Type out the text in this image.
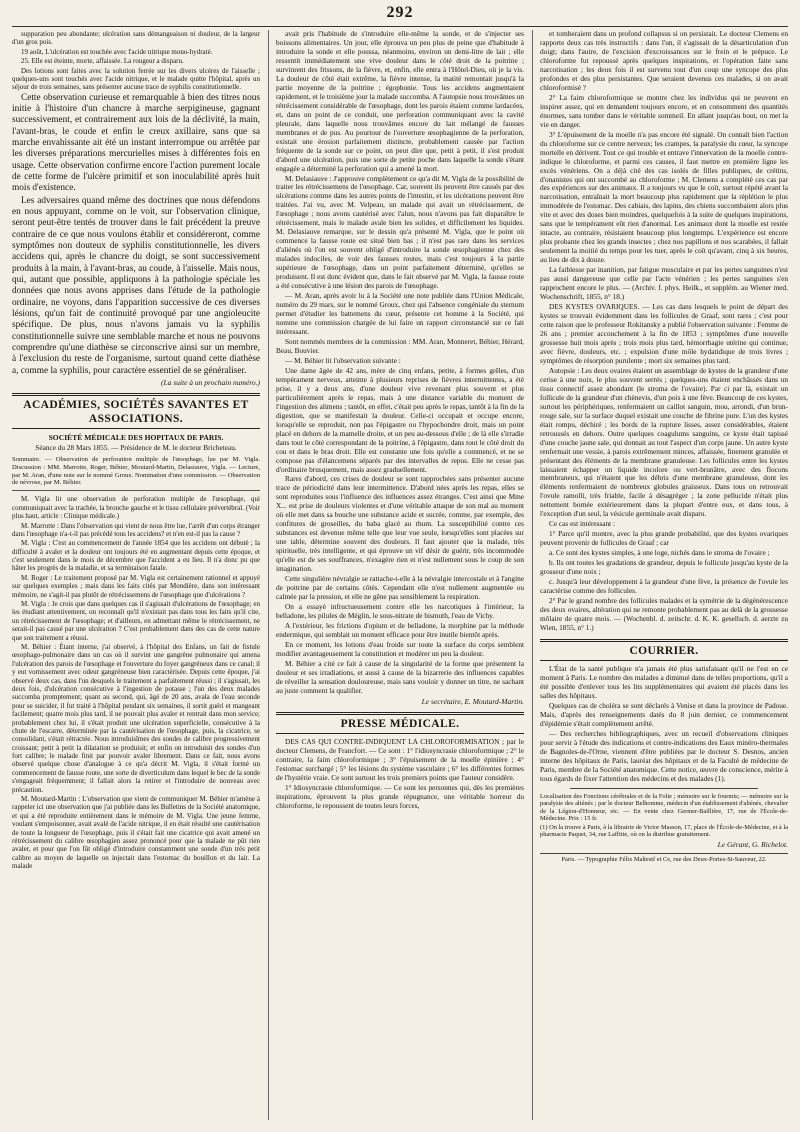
292

suppuration peu abondante; ulcération sans démangeaison ni douleur, de la largeur d'un gros pois.

19 août, L'ulcération est touchée avec l'acide nitrique mono-hydraté.

25. Elle est éteinte, morte, affaissée. La rougeur a disparu.

Des lotions sont faites avec la solution ferrée sur les divers ulcères de l'aisselle ; quelques-uns sont touchés avec l'acide nitrique, et le malade quitte l'hôpital, après un séjour de trois semaines, sans présenter aucune trace de syphilis constitutionnelle.

Cette observation curieuse et remarquable à bien des titres nous initie à l'histoire d'un chancre à marche serpigineuse, gagnant successivement, et contrairement aux lois de la déclivité, la main, l'avant-bras, le coude et enfin le creux axillaire, sans que sa marche envahissante ait été un instant interrompue ou arrêtée par les diverses préparations mercurielles mises à différentes fois en usage. Cette observation confirme encore l'action purement locale de cette forme de l'ulcère primitif et son inoculabilité après huit mois d'existence.

Les adversaires quand même des doctrines que nous défendons en nous appuyant, comme on le voit, sur l'observation clinique, seront peut-être tentés de trouver dans le fait précédent la preuve contraire de ce que nous voulons établir et considéreront, comme symptômes non douteux de syphilis constitutionnelle, les divers accidens qui, après le chancre du doigt, se sont successivement produits à la main, à l'avant-bras, au coude, à l'aisselle. Mais nous, qui, autant que possible, appliquons à la pathologie spéciale les données que nous avons apprises dans l'étude de la pathologie ordinaire, ne voyons, dans l'apparition successive de ces diverses lésions, qu'un fait de continuité provoqué par une angioleucite spécifique. De plus, nous n'avons jamais vu la syphilis constitutionnelle suivre une semblable marche et nous ne pouvons comprendre qu'une diathèse se circonscrive ainsi sur un membre, à l'exclusion du reste de l'organisme, surtout quand cette diathèse a, comme la syphilis, pour caractère essentiel de se généraliser.

(La suite à un prochain numéro.)
ACADÉMIES, SOCIÉTÉS SAVANTES ET ASSOCIATIONS.
SOCIÉTÉ MÉDICALE DES HOPITAUX DE PARIS.
Séance du 28 Mars 1855. — Présidence de M. le docteur Bricheteau.

Sommaire. — Observation de perforation multiple de l'œsophage, lue par M. Vigla. Discussion : MM. Marrotte, Roger, Béhier, Moutard-Martin, Delasiauve, Vigla. — Lecture, par M. Aran, d'une note sur le nommé Groux. Nomination d'une commission. — Observation de névrose, par M. Béhier.

M. Vigla lit une observation de perforation multiple de l'œsophage, qui communiquait avec la trachée, la bronche gauche et le tissu cellulaire prévertébral. (Voir plus haut, article : Clinique médicale.)

M. Marrotte : Dans l'observation qui vient de nous être lue, l'arrêt d'un corps étranger dans l'œsophage n'a-t-il pas précédé tous les accidens? et n'en est-il pas la cause ?

M. Vigla : C'est au commencement de l'année 1854 que les accidens ont débuté ; la difficulté à avaler et la douleur ont toujours été en augmentant depuis cette époque, et c'est seulement dans le mois de décembre que l'accident a eu lieu. Il n'a donc pu que hâter les progrès de la maladie, et sa terminaison fatale.

M. Roger : Le traitement proposé par M. Vigla est certainement rationnel et appuyé sur quelques exemples ; mais dans les faits cités par Mondière, dans son intéressant mémoire, ne s'agit-il pas plutôt de rétrécissemens de l'œsophage que d'ulcérations ?

M. Vigla : Je crois que dans quelques cas il s'agissait d'ulcérations de l'œsophage; en les étudiant attentivement, on reconnaît qu'il n'existait pas dans tous les faits qu'il cite, un rétrécissement de l'œsophage; et d'ailleurs, en admettant même le rétrécissement, ne serait-il pas causé par une ulcération ? C'est probablement dans des cas de cette nature que son traitement a réussi.

M. Béhier : Étant interne, j'ai observé, à l'hôpital des Enfans, un fait de fistule œsophago-pulmonaire dans un cas où il survint une gangrène pulmonaire qui amena l'ulcération des parois de l'œsophage et l'ouverture du foyer gangréneux dans ce canal; il y eut vomissement avec odeur gangréneuse bien caractérisée. Depuis cette époque, j'ai observé deux cas, dans l'un desquels le traitement a parfaitement réussi ; il s'agissait, les deux fois, d'ulcération consécutive à l'ingestion de potasse ; l'un des deux malades succomba promptement; quant au second, qui, âgé de 20 ans, avala de l'eau seconde pour se suicider, il fut traité à l'hôpital pendant six semaines, il sortit guéri et mangeant facilement; quatre mois plus tard, il ne pouvait plus avaler et rentrait dans mon service; probablement chez lui, il s'était produit une ulcération superficielle, consécutive à la chute de l'escarre, déterminée par la cautérisation de l'œsophage, puis, la cicatrice, se consolidant, s'était rétractée. Nous introduisîmes des sondes de calibre progressivement croissant; petit à petit la dilatation se produisit; et enfin on introduisit des sondes d'un fort calibre; le malade finit par pouvoir avaler librement. Dans ce fait, nous avons observé quelque chose d'analogue à ce qu'a décrit M. Vigla, il s'était formé un commencement de fausse route, une sorte de diverticulum dans lequel le bec de la sonde s'engageait fréquemment; il fallait alors la retirer et l'introduire de nouveau avec précaution.

M. Moutard-Martin : L'observation que vient de communiquer M. Béhier m'amène à rappeler ici une observation que j'ai publiée dans les Bulletins de la Société anatomique, et qui a été reproduite entièrement dans le mémoire de M. Vigla. Une jeune femme, voulant s'empoisonner, avait avalé de l'acide nitrique, il en était résulté une cautérisation de toute la longueur de l'œsophage, puis il s'était fait une cicatrice qui avait amené un rétrécissement du calibre œsophagien assez prononcé pour que la malade ne pût rien avaler, et pour que l'on fût obligé d'introduire constamment une sonde d'un très petit calibre au moyen de laquelle on injectait dans l'estomac du bouillon et du lait. La malade

avait pris l'habitude de s'introduire elle-même la sonde, et de s'injecter ses boissons alimentaires. Un jour, elle éprouva un peu plus de peine que d'habitude à introduire la sonde et elle poussa, néanmoins, environ un demi-litre de lait ; elle ressentit immédiatement une vive douleur dans le côté droit de la poitrine ; survinrent des frissons, de la fièvre, et, enfin, elle entra à l'Hôtel-Dieu, où je la vis. La douleur de côté était extrême, la fièvre intense, la matité remontait jusqu'à la partie moyenne de la poitrine ; égophonie. Tous les accidens augmentaient rapidement, et le troisième jour la malade succomba. A l'autopsie nous trouvâmes un rétrécissement considérable de l'œsophage, dont les parois étaient comme lardacées, et, dans un point de ce conduit, une perforation communiquant avec la cavité pleurale, dans laquelle nous trouvâmes encore du lait mélangé de fausses membranes et de pus. Au pourtour de l'ouverture œsophagienne de la perforation, existait une érosion parfaitement distincte, probablement causée par l'action fréquente de la sonde sur ce point, on peut dire que, petit à petit, il s'est produit d'abord une ulcération, puis une sorte de petite poche dans laquelle la sonde s'étant engagée a déterminé la perforation qui a amené la mort.

M. Delasiauve : J'approuve complètement ce qu'a dit M. Vigla de la possibilité de traiter les rétrécissemens de l'œsophage. Car, souvent ils peuvent être causés par des ulcérations comme dans les autres points de l'intestin, et les ulcérations peuvent être traitées. J'ai vu, avec M. Velpeau, un malade qui avait un rétrécissement, de l'œsophage ; nous avons cautérisé avec l'alun, nous n'avons pas fait disparaître le rétrécissement, mais le malade avale bien les solides, et difficilement les liquides. M. Delasiauve remarque, sur le dessin qu'a présenté M. Vigla, que le point où commence la fausse route est situé bien bas ; il n'est pas rare dans les services d'aliénés où l'on est souvent obligé d'introduire la sonde œsophagienne chez des malades indociles, de voir des fausses routes, mais c'est toujours à la partie supérieure de l'œsophage, dans un point parfaitement déterminé, qu'elles se produisent. Il est donc évident que, dans le fait observé par M. Vigla, la fausse route a été consécutive à une lésion des parois de l'œsophage.

— M. Aran, après avoir lu à la Société une note publiée dans l'Union Médicale, numéro du 29 mars, sur le nommé Groux, chez qui l'absence congéniale du sternum permet d'étudier les battemens du cœur, présente cet homme à la Société, qui nomme une commission chargée de lui faire un rapport circonstancié sur ce fait intéressant.

Sont nommés membres de la commission : MM. Aran, Monneret, Béhier, Hérard, Beau, Bouvier.

— M. Béhier lit l'observation suivante :

Une dame âgée de 42 ans, mère de cinq enfans, petite, à formes grêles, d'un tempérament nerveux, atteinte à plusieurs reprises de fièvres intermittentes, a été prise, il y a deux ans, d'une douleur vive revenant plus souvent et plus particulièrement après le repas, mais à une distance variable du moment de l'ingestion des alimens ; tantôt, en effet, c'était peu après le repas, tantôt à la fin de la digestion, que se manifestait la douleur. Celle-ci occupait et occupe encore, lorsqu'elle se reproduit, non pas l'épigastre ou l'hypochondre droit, mais un point placé en dehors de la mamelle droite, et un peu au-dessous d'elle ; de là elle s'irradie dans tout le côté correspondant de la poitrine, à l'épigastre, dans tout le côté droit du cou et dans le bras droit. Elle est constante une fois qu'elle a commencé, et ne se compose pas d'élancemens séparés par des intervalles de repos. Elle ne cesse pas d'ordinaire brusquement, mais assez graduellement.

Rares d'abord, ces crises de douleur se sont rapprochées sans présenter aucune trace de périodicité dans leur intermittence. D'abord nées après les repas, elles se sont reproduites sous l'influence des influences assez étranges. C'est ainsi que Mme X... est prise de douleurs violentes et d'une véritable attaque de son mal au moment où elle met dans sa bouche une substance acide et sucrée, comme, par exemple, des confitures de groseilles, du baba glacé au rhum. La susceptibilité contre ces substances est devenue même telle que leur vue seule, lorsqu'elles sont placées sur une table, détermine souvent des douleurs. Il faut ajouter que la malade, très spirituelle, très intelligente, et qui éprouve un vif désir de guérir, très incommodée qu'elle est de ses souffrances, n'exagère rien et n'est nullement sous le coup de son imagination.

Cette singulière névralgie se rattache-t-elle à la névralgie intercostale et à l'angine de poitrine par de certains côtés. Cependant elle n'est nullement augmentée ou calmée par la pression, et elle ne gêne pas sensiblement la respiration.

On a essayé infructueusement contre elle les narcotiques à l'intérieur, la belladone, les pilules de Méglin, le sous-nitrate de bismuth, l'eau de Vichy.

A l'extérieur, les frictions d'opium et de belladone, la morphine par la méthode endermique, qui semblait un moment efficace pour être inutile bientôt après.

En ce moment, les lotions d'eau froide sur toute la surface du corps semblent modifier avantageusement la constitution et modérer un peu la douleur.

M. Béhier a cité ce fait à cause de la singularité de la forme que présentent la douleur et ses irradiations, et aussi à cause de la bizarrerie des influences capables de réveiller la sensation douloureuse, mais sans vouloir y donner un titre, ne sachant au juste comment la qualifier.

Le secrétaire, E. Moutard-Martin.
PRESSE MÉDICALE.

DES CAS QUI CONTRE-INDIQUENT LA CHLOROFORMISATION ; par le docteur Clemens, de Francfort. — Ce sont : 1° l'idiosyncrasie chloroformique ; 2° le contraire, la faim chloroformique ; 3° l'épuisement de la moelle épinière ; 4° l'estomac surchargé ; 5° les lésions du système vasculaire ; 6° les différentes formes de l'hystérie vraie. Ce sont surtout les trois premiers points que l'auteur considère.

1° Idiosyncrasie chloroformique. — Ce sont les personnes qui, dès les premières inspirations, éprouvent la plus grande répugnance, une véritable horreur du chloroforme, le repoussent de toutes leurs forces,

et tomberaient dans un profond collapsus si on persistait. Le docteur Clemens en rapporte deux cas très instructifs : dans l'un, il s'agissait de la désarticulation d'un doigt; dans l'autre, de l'excision d'excroissances sur le frein et le prépuce. Le chloroforme fut repoussé après quelques inspirations, et l'opération faite sans narcotisation ; les deux fois il est survenu tout d'un coup une syncope des plus profondes et des plus persistantes. Que seraient devenus ces malades, si on avait chloroformisé ?

2° La faim chloroformique se montre chez les individus qui ne peuvent en inspirer assez, qui en demandent toujours encore, et en consomment des quantités énormes, sans tomber dans le véritable sommeil. En allant jusqu'au bout, on met la vie en danger.

3° L'épuisement de la moelle n'a pas encore été signalé. On connaît bien l'action du chloroforme sur ce centre nerveux; les crampes, la paralysie du cœur, la syncope mortelle en dérivent. Tout ce qui trouble et entrave l'innervation de la moelle contre-indique le chloroforme, et parmi ces causes, il faut mettre en première ligne les excès vénériens. On a déjà cité des cas isolés de filles publiques, de crétins, d'onanistes qui ont succombé au chloroforme ; M. Clemens a complété ces cas par des expériences sur des animaux. Il a toujours vu que le coït, surtout répété avant la narcotisation, entraînait la mort beaucoup plus rapidement que la réplétion le plus immodérée de l'estomac. Des cabiais, des lapins, des chiens succombaient alors plus vite et avec des doses bien moindres, quelquefois à la suite de quelques inspirations, sans que le tempérament eût rien d'anormal. Les animaux dont la moelle est restée intacte, au contraire, résistaient beaucoup plus longtemps. L'expérience est encore plus probante chez les grands insectes ; chez nos papillons et nos scarabées, il fallait seulement la moitié du temps pour les tuer, après le coït qu'avant, cinq à six heures, au lieu de dix à douze.

La faiblesse par inanition, par fatigue musculaire et par les pertes sanguines n'est pas aussi dangereuse que celle par l'acte vénérien ; les pertes sanguines s'en rapprochent encore le plus. — (Archiv. f. phys. Heilk., et supplém. au Wiener med. Wochenschrift, 1855, n° 18.)

DES KYSTES OVARIQUES. — Les cas dans lesquels le point de départ des kystes se trouvait évidemment dans les follicules de Graaf, sont rares ; c'est pour cette raison que le professeur Rokitansky a publié l'observation suivante : Femme de 26 ans ; premier accouchement à la fin de 1853 ; symptômes d'une nouvelle grossesse huit mois après ; trois mois plus tard, hémorrhagie utérine qui continue, avec fièvre, douleurs, etc. ; expulsion d'une môle hydatidique de trois livres ; symptômes de résorption purulente ; mort six semaines plus tard.

Autopsie : Les deux ovaires étaient un assemblage de kystes de la grandeur d'une cerise à une noix, le plus souvent serrés ; quelques-uns étaient enchâssés dans un tissu connectif assez abondant (le stroma de l'ovaire). Par ci par là, existait un follicule de la grandeur d'un chènevis, d'un pois à une fève. Beaucoup de ces kystes, surtout les périphériques, renfermaient un caillot sanguin, mou, arrondi, d'un brun-rouge sale, sur la surface duquel existait une couche de fibrine pure. L'un des kystes était rompu, déchiré ; les bords de la rupture lisses, assez considérables, étaient retroussés en dehors. Outre quelques coagulums sanguins, ce kyste était tapissé d'une couche jaune sale, qui donnait au tout l'aspect d'un corps jaune. Un autre kyste renfermait une vessie, à parois extrêmement minces, affaissée, finement granulée et présentant des éléments de la membrane granuleuse. Les follicules entre les kystes laissaient échapper un liquide incolore ou vert-brunâtre, avec des flocons membraneux, qui n'étaient que les débris d'une membrane granuleuse, dont les éléments renfermaient de nombreux globules graisseux. Dans tous on retrouvait l'ovule ramolli, très friable, facile à désagréger ; la zone pellucide n'était plus nettement bornée extérieurement dans la plupart d'entre eux, et dans tous, à l'exception d'un seul, la vésicule germinale avait disparu.

Ce cas est intéressant :

1° Parce qu'il montre, avec la plus grande probabilité, que des kystes ovariques peuvent provenir de follicules de Graaf ; car

a. Ce sont des kystes simples, à une loge, nichés dans le stroma de l'ovaire ;

b. Ils ont toutes les gradations de grandeur, depuis le follicule jusqu'au kyste de la grosseur d'une noix ;

c. Jusqu'à leur développement à la grandeur d'une fève, la présence de l'ovule les caractérise comme des follicules.

2° Par le grand nombre des follicules malades et la symétrie de la dégénérescence des deux ovaires, altération qui ne remonte probablement pas au delà de la grossesse môlaire de quatre mois. — (Wochenbl. d. zeitschr. d. K. K. gesellsch. d. aerzte zu Wien, 1855, n° 1.)

COURRIER.

L'État de la santé publique n'a jamais été plus satisfaisant qu'il ne l'est en ce moment à Paris. Le nombre des malades a diminué dans de telles proportions, qu'il a été possible d'enlever tous les lits supplémentaires qui avaient été placés dans les salles des hôpitaux.

Quelques cas de choléra se sont déclarés à Venise et dans la province de Padoue. Mais, d'après des renseignements datés du 8 juin dernier, ce commencement d'épidémie s'était complètement arrêté.

— Des recherches bibliographiques, avec un recueil d'observations cliniques pour servir à l'étude des indications et contre-indications des Eaux minéro-thermales de Bagnoles-de-l'Orne, viennent d'être publiées par le docteur S. Desnos, ancien interne des hôpitaux de Paris, lauréat des hôpitaux et de la Faculté de médecine de Paris, membre de la Société anatomique. Cette notice, œuvre de conscience, mérite à tous égards de fixer l'attention des médecins et des malades (1).

Localisation des Fonctions cérébrales et de la Folie ; mémoire sur le fourmis; — mémoire sur la paralysie des aliénés ; par le docteur Belhomme, médecin d'un établissement d'aliénés, chevalier de la Légion-d'Honneur, etc. — En vente chez Germer-Baillière, 17, rue de l'École-de-Médecine. Prix : 15 fr.

(1) On la trouve à Paris, à la librairie de Victor Masson, 17, place de l'École-de-Médecine, et à la pharmacie Paquet, 34, rue Laffitte, où on la distribue gratuitement.

Le Gérant, G. Richelot.
Paris. — Typographie Félix Maltestf et Ce, rue des Deux-Portes-St-Sauveur, 22.
